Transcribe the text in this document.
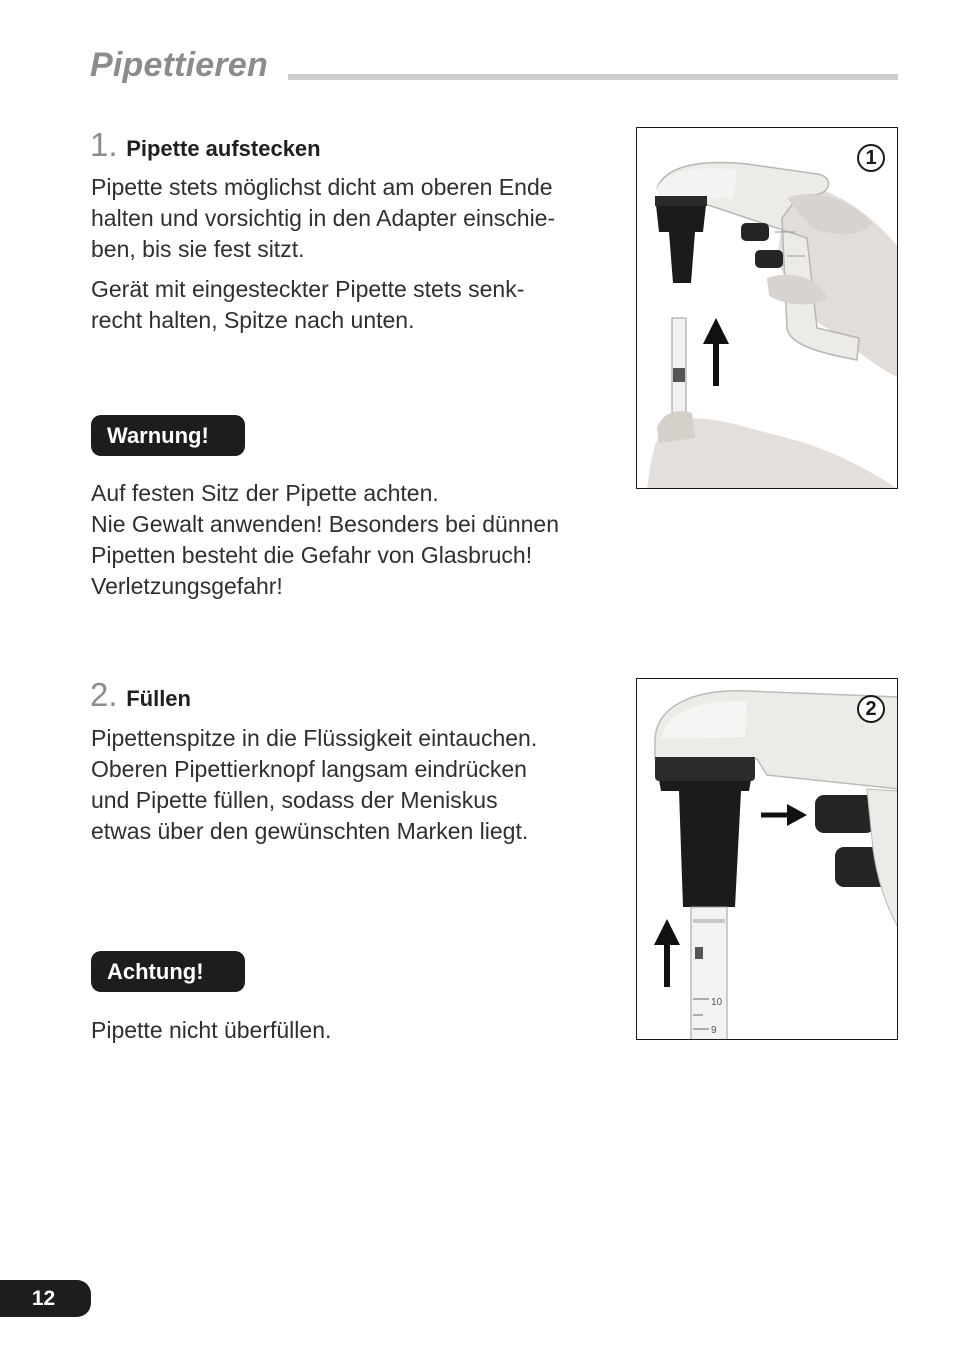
Pipettieren
1. Pipette aufstecken

Pipette stets möglichst dicht am oberen Ende
halten und vorsichtig in den Adapter einschie-
ben, bis sie fest sitzt.

Gerät mit eingesteckter Pipette stets senk-
recht halten, Spitze nach unten.

Warnung!

Auf festen Sitz der Pipette achten.
Nie Gewalt anwenden! Besonders bei dünnen
Pipetten besteht die Gefahr von Glasbruch!
Verletzungsgefahr!

1
2. Füllen

Pipettenspitze in die Flüssigkeit eintauchen.
Oberen Pipettierknopf langsam eindrücken
und Pipette füllen, sodass der Meniskus
etwas über den gewünschten Marken liegt.

Achtung!

Pipette nicht überfüllen.

10
9
2
12
